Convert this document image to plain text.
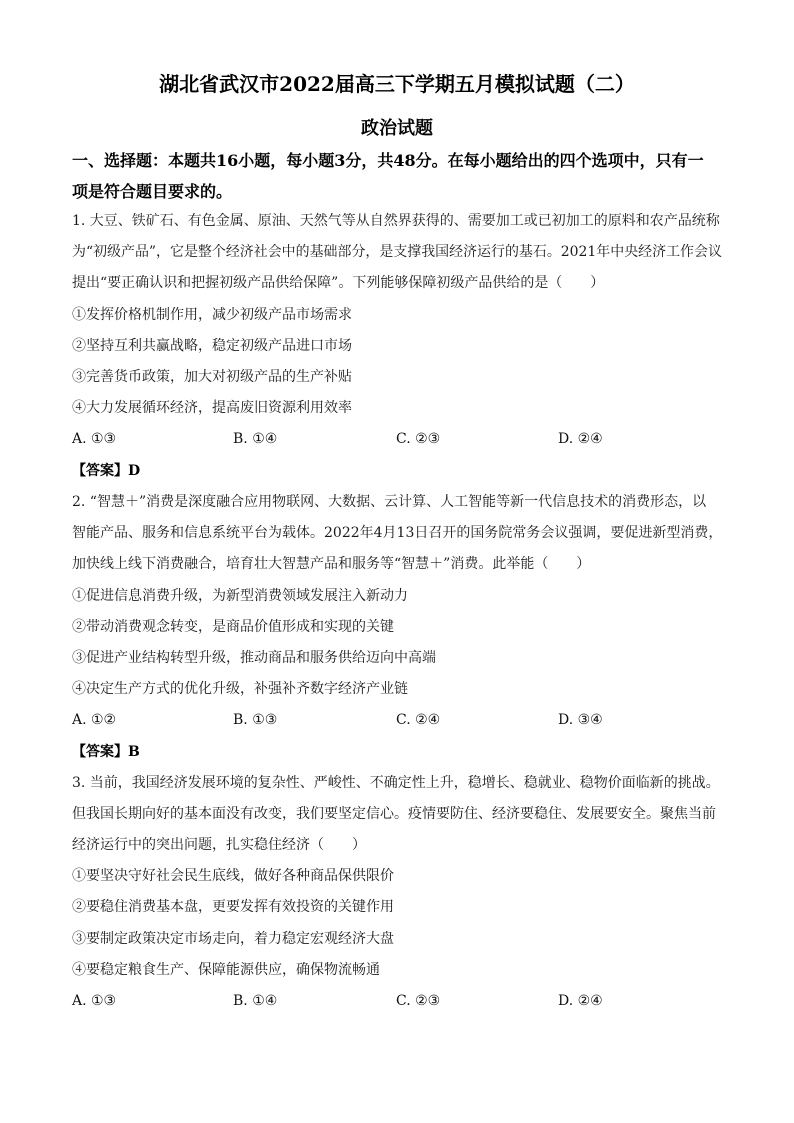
湖北省武汉市2022届高三下学期五月模拟试题（二）
政治试题
一、选择题：本题共16小题，每小题3分，共48分。在每小题给出的四个选项中，只有一
项是符合题目要求的。
1. 大豆、铁矿石、有色金属、原油、天然气等从自然界获得的、需要加工或已初加工的原料和农产品统称
为“初级产品”，它是整个经济社会中的基础部分，是支撑我国经济运行的基石。2021年中央经济工作会议
提出“要正确认识和把握初级产品供给保障”。下列能够保障初级产品供给的是（　　）
①发挥价格机制作用，减少初级产品市场需求
②坚持互利共赢战略，稳定初级产品进口市场
③完善货币政策，加大对初级产品的生产补贴
④大力发展循环经济，提高废旧资源利用效率
A. ①③	B. ①④	C. ②③	D. ②④
【答案】D
2. “智慧＋”消费是深度融合应用物联网、大数据、云计算、人工智能等新一代信息技术的消费形态，以
智能产品、服务和信息系统平台为载体。2022年4月13日召开的国务院常务会议强调，要促进新型消费，
加快线上线下消费融合，培育壮大智慧产品和服务等“智慧＋”消费。此举能（　　）
①促进信息消费升级，为新型消费领域发展注入新动力
②带动消费观念转变，是商品价值形成和实现的关键
③促进产业结构转型升级，推动商品和服务供给迈向中高端
④决定生产方式的优化升级，补强补齐数字经济产业链
A. ①②	B. ①③	C. ②④	D. ③④
【答案】B
3. 当前，我国经济发展环境的复杂性、严峻性、不确定性上升，稳增长、稳就业、稳物价面临新的挑战。
但我国长期向好的基本面没有改变，我们要坚定信心。疫情要防住、经济要稳住、发展要安全。聚焦当前
经济运行中的突出问题，扎实稳住经济（　　）
①要坚决守好社会民生底线，做好各种商品保供限价
②要稳住消费基本盘，更要发挥有效投资的关键作用
③要制定政策决定市场走向，着力稳定宏观经济大盘
④要稳定粮食生产、保障能源供应，确保物流畅通
A. ①③	B. ①④	C. ②③	D. ②④
